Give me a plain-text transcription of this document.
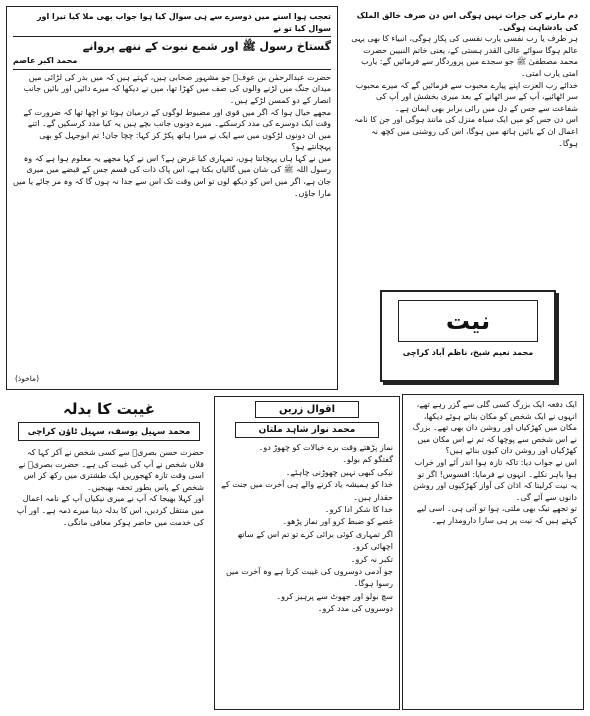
تعجب ہوا اسنے میں دوسرے سے ہی سوال کیا ہوا جواب بھی ملا کیا تیرا اور سوال کیا تو نے
گستاخ رسول ﷺ اور شمع نبوت کے ننھے پروانے
محمد اکبر عاصم
حضرت عبدالرحمٰن بن عوفؓ جو مشہور صحابی ہیں، کہتے ہیں کہ میں بدر کی لڑائی میں میدان جنگ میں لڑنے والوں کی صف میں کھڑا تھا، میں نے دیکھا کہ میرے دائیں اور بائیں جانب انصار کے دو کمسن لڑکے ہیں۔
مجھے خیال ہوا کہ اگر میں قوی اور مضبوط لوگوں کے درمیان ہوتا تو اچھا تھا کہ ضرورت کے وقت ایک دوسرے کی مدد کرسکتے۔ میرے دونوں جانب بچے ہیں یہ کیا مدد کرسکیں گے۔ اتنے میں ان دونوں لڑکوں میں سے ایک نے میرا ہاتھ پکڑ کر کہا: چچا جان! تم ابوجہل کو بھی پہچانتے ہو؟
میں نے کہا ہاں پہچانتا ہوں، تمہاری کیا غرض ہے؟ اس نے کہا مجھے یہ معلوم ہوا ہے کہ وہ رسول اللہ ﷺ کی شان میں گالیاں بکتا ہے، اس پاک ذات کی قسم جس کے قبضے میں میری جان ہے، اگر میں اس کو دیکھ لوں تو اس وقت تک اس سے جدا نہ ہوں گا کہ وہ مر جائے یا میں مارا جاؤں۔
(ماخوذ)
دم مارنے کی جرات نہیں ہوگی اس دن صرف خالق الملک کی بادشاہت ہوگی۔
ہر طرف یا رب نفسی یارب نفسی کی پکار ہوگی، انبیاء کا بھی یہی عالم ہوگا سوائے عالی القدر ہستی کے، یعنی خاتم النبیین حضرت محمد مصطفیٰ ﷺ جو سجدے میں پروردگار سے فرمائیں گے: یارب امتی یارب امتی۔
خدائے رب العزت اپنے پیارے محبوب سے فرمائیں گے کہ میرے محبوب سر اٹھائیے، آپ کے سر اٹھانے کے بعد میری بخشش اور آپ کی شفاعت سے جس کے دل میں رائی برابر بھی ایمان ہے۔
اس دن جس کو میں ایک سیاہ منزل کی مانند ہوگی اور جن کا نامہ اعمال ان کے بائیں ہاتھ میں ہوگا، اس کی روشنی میں کچھ نہ ہوگا۔
نیت
محمد نعیم شیخ، ناظم آباد کراچی
ایک دفعہ ایک بزرگ کسی گلی سے گزر رہے تھے، انہوں نے ایک شخص کو مکان بناتے ہوئے دیکھا، مکان میں کھڑکیاں اور روشن دان بھی تھے۔ بزرگ نے اس شخص سے پوچھا کہ تم نے اس مکان میں کھڑکیاں اور روشن دان کیوں بنائے ہیں؟
اس نے جواب دیا: تاکہ تازہ ہوا اندر آئے اور خراب ہوا باہر نکلے۔ انہوں نے فرمایا: افسوس! اگر تو یہ نیت کرلیتا کہ اذان کی آواز کھڑکیوں اور روشن دانوں سے آئے گی۔
تو تجھے نیک بھی ملتی، ہوا تو آتی ہی۔ اسی لیے کہتے ہیں کہ نیت پر ہی سارا دارومدار ہے۔
اقوال زریں
محمد نواز شاہد ملتان
نماز پڑھتے وقت برے خیالات کو چھوڑ دو۔
گفتگو کم بولو۔
نیکی کبھی نہیں چھوڑنی چاہئے۔
خدا کو ہمیشہ یاد کرنے والے ہی آخرت میں جنت کے حقدار ہیں۔
خدا کا شکر ادا کرو۔
غصے کو ضبط کرو اور نماز پڑھو۔
اگر تمہاری کوئی برائی کرے تو تم اس کے ساتھ اچھائی کرو۔
تکبر نہ کرو۔
جو آدمی دوسروں کی غیبت کرتا ہے وہ آخرت میں رسوا ہوگا۔
سچ بولو اور جھوٹ سے پرہیز کرو۔
دوسروں کی مدد کرو۔
غیبت کا بدلہ
محمد سہیل یوسف، سہیل ٹاؤن کراچی
حضرت حسن بصریؒ سے کسی شخص نے آکر کہا کہ فلاں شخص نے آپ کی غیبت کی ہے۔ حضرت بصریؒ نے اسی وقت تازہ کھجوریں ایک طشتری میں رکھ کر اس شخص کے پاس بطور تحفہ بھیجیں۔
اور کہلا بھیجا کہ آپ نے میری نیکیاں آپ کے نامہ اعمال میں منتقل کردیں، اس کا بدلہ دینا میرے ذمہ ہے۔ اور آپ کی خدمت میں حاضر ہوکر معافی مانگی۔
